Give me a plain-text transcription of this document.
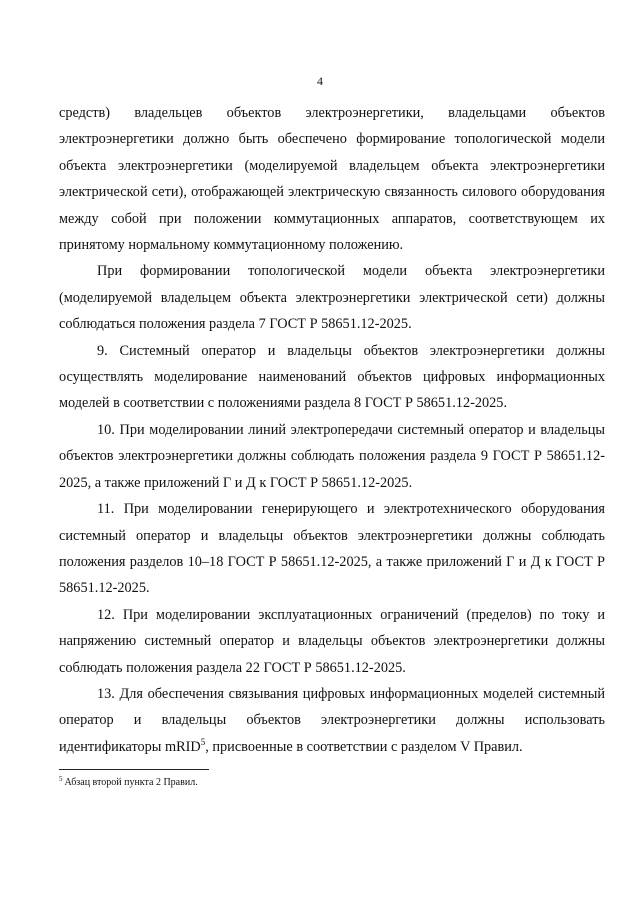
4

средств) владельцев объектов электроэнергетики, владельцами объектов электроэнергетики должно быть обеспечено формирование топологической модели объекта электроэнергетики (моделируемой владельцем объекта электроэнергетики электрической сети), отображающей электрическую связанность силового оборудования между собой при положении коммутационных аппаратов, соответствующем их принятому нормальному коммутационному положению.

При формировании топологической модели объекта электроэнергетики (моделируемой владельцем объекта электроэнергетики электрической сети) должны соблюдаться положения раздела 7 ГОСТ Р 58651.12-2025.

9. Системный оператор и владельцы объектов электроэнергетики должны осуществлять моделирование наименований объектов цифровых информационных моделей в соответствии с положениями раздела 8 ГОСТ Р 58651.12-2025.

10. При моделировании линий электропередачи системный оператор и владельцы объектов электроэнергетики должны соблюдать положения раздела 9 ГОСТ Р 58651.12-2025, а также приложений Г и Д к ГОСТ Р 58651.12-2025.

11. При моделировании генерирующего и электротехнического оборудования системный оператор и владельцы объектов электроэнергетики должны соблюдать положения разделов 10–18 ГОСТ Р 58651.12-2025, а также приложений Г и Д к ГОСТ Р 58651.12-2025.

12. При моделировании эксплуатационных ограничений (пределов) по току и напряжению системный оператор и владельцы объектов электроэнергетики должны соблюдать положения раздела 22 ГОСТ Р 58651.12-2025.

13. Для обеспечения связывания цифровых информационных моделей системный оператор и владельцы объектов электроэнергетики должны использовать идентификаторы mRID$^5$, присвоенные в соответствии с разделом V Правил.

$^5$ Абзац второй пункта 2 Правил.
